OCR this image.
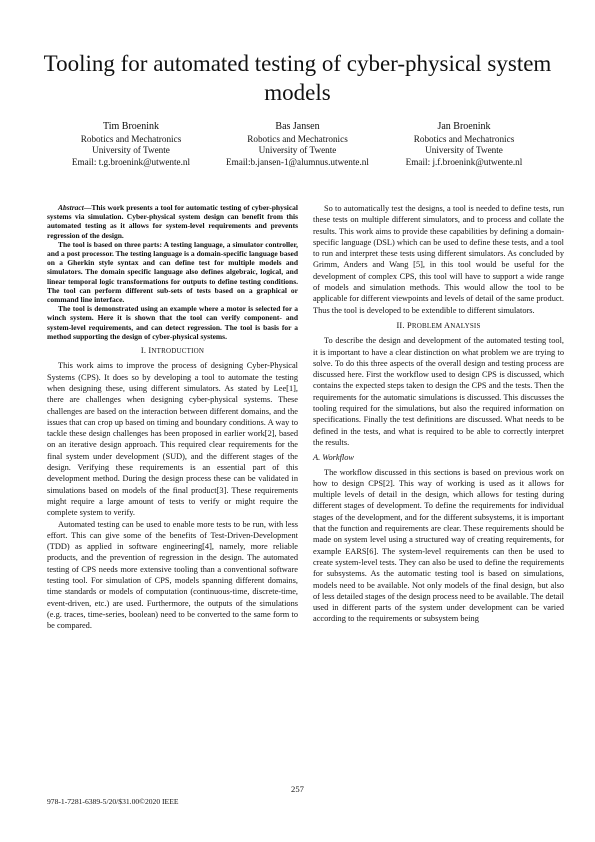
Tooling for automated testing of cyber-physical system models
Tim Broenink
Robotics and Mechatronics
University of Twente
Email: t.g.broenink@utwente.nl
Bas Jansen
Robotics and Mechatronics
University of Twente
Email:b.jansen-1@alumnus.utwente.nl
Jan Broenink
Robotics and Mechatronics
University of Twente
Email: j.f.broenink@utwente.nl

Abstract—This work presents a tool for automatic testing of cyber-physical systems via simulation. Cyber-physical system design can benefit from this automated testing as it allows for system-level requirements and prevents regression of the design.

The tool is based on three parts: A testing language, a simulator controller, and a post processor. The testing language is a domain-specific language based on a Gherkin style syntax and can define test for multiple models and simulators. The domain specific language also defines algebraic, logical, and linear temporal logic transformations for outputs to define testing conditions. The tool can perform different sub-sets of tests based on a graphical or command line interface.

The tool is demonstrated using an example where a motor is selected for a winch system. Here it is shown that the tool can verify component- and system-level requirements, and can detect regression. The tool is basis for a method supporting the design of cyber-physical systems.

I. INTRODUCTION

This work aims to improve the process of designing Cyber-Physical Systems (CPS). It does so by developing a tool to automate the testing when designing these, using different simulators. As stated by Lee[1], there are challenges when designing cyber-physical systems. These challenges are based on the interaction between different domains, and the issues that can crop up based on timing and boundary conditions. A way to tackle these design challenges has been proposed in earlier work[2], based on an iterative design approach. This required clear requirements for the final system under development (SUD), and the different stages of the design. Verifying these requirements is an essential part of this development method. During the design process these can be validated in simulations based on models of the final product[3]. These requirements might require a large amount of tests to verify or might require the complete system to verify.

Automated testing can be used to enable more tests to be run, with less effort. This can give some of the benefits of Test-Driven-Development (TDD) as applied in software engineering[4], namely, more reliable products, and the prevention of regression in the design. The automated testing of CPS needs more extensive tooling than a conventional software testing tool. For simulation of CPS, models spanning different domains, time standards or models of computation (continuous-time, discrete-time, event-driven, etc.) are used. Furthermore, the outputs of the simulations (e.g. traces, time-series, boolean) need to be converted to the same form to be compared.

So to automatically test the designs, a tool is needed to define tests, run these tests on multiple different simulators, and to process and collate the results. This work aims to provide these capabilities by defining a domain-specific language (DSL) which can be used to define these tests, and a tool to run and interpret these tests using different simulators. As concluded by Grimm, Anders and Wang [5], in this tool would be useful for the development of complex CPS, this tool will have to support a wide range of models and simulation methods. This would allow the tool to be applicable for different viewpoints and levels of detail of the same product. Thus the tool is developed to be extendible to different simulators.

II. PROBLEM ANALYSIS

To describe the design and development of the automated testing tool, it is important to have a clear distinction on what problem we are trying to solve. To do this three aspects of the overall design and testing process are discussed here. First the workflow used to design CPS is discussed, which contains the expected steps taken to design the CPS and the tests. Then the requirements for the automatic simulations is discussed. This discusses the tooling required for the simulations, but also the required information on specifications. Finally the test definitions are discussed. What needs to be defined in the tests, and what is required to be able to correctly interpret the results.

A. Workflow

The workflow discussed in this sections is based on previous work on how to design CPS[2]. This way of working is used as it allows for multiple levels of detail in the design, which allows for testing during different stages of development. To define the requirements for individual stages of the development, and for the different subsystems, it is important that the function and requirements are clear. These requirements should be made on system level using a structured way of creating requirements, for example EARS[6]. The system-level requirements can then be used to create system-level tests. They can also be used to define the requirements for subsystems. As the automatic testing tool is based on simulations, models need to be available. Not only models of the final design, but also of less detailed stages of the design process need to be available. The detail used in different parts of the system under development can be varied according to the requirements or subsystem being

257
978-1-7281-6389-5/20/$31.00©2020 IEEE
